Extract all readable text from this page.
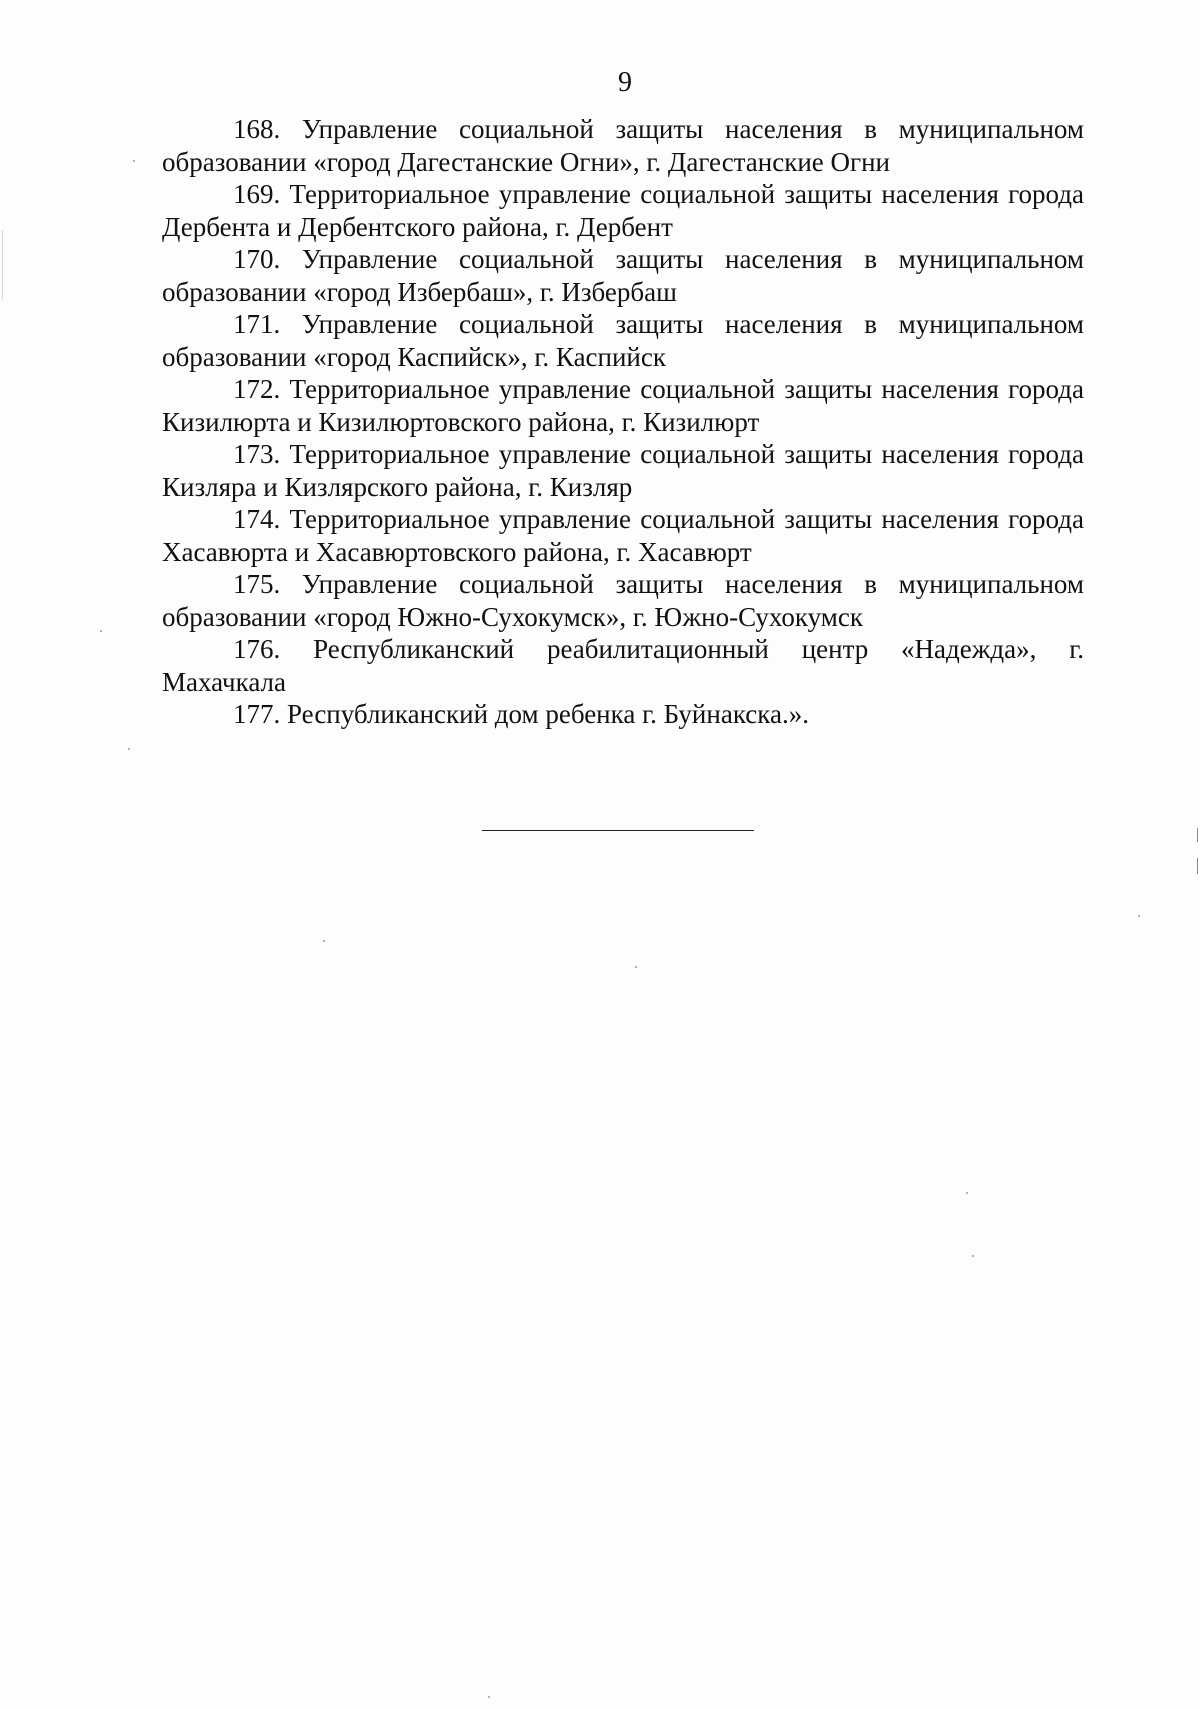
9

168. Управление социальной защиты населения в муниципальном образовании «город Дагестанские Огни», г. Дагестанские Огни

169. Территориальное управление социальной защиты населения города Дербента и Дербентского района, г. Дербент

170. Управление социальной защиты населения в муниципальном образовании «город Избербаш», г. Избербаш

171. Управление социальной защиты населения в муниципальном образовании «город Каспийск», г. Каспийск

172. Территориальное управление социальной защиты населения города Кизилюрта и Кизилюртовского района, г. Кизилюрт

173. Территориальное управление социальной защиты населения города Кизляра и Кизлярского района, г. Кизляр

174. Территориальное управление социальной защиты населения города Хасавюрта и Хасавюртовского района, г. Хасавюрт

175. Управление социальной защиты населения в муниципальном образовании «город Южно-Сухокумск», г. Южно-Сухокумск

176. Республиканский реабилитационный центр «Надежда», г. Махачкала

177. Республиканский дом ребенка г. Буйнакска.».
